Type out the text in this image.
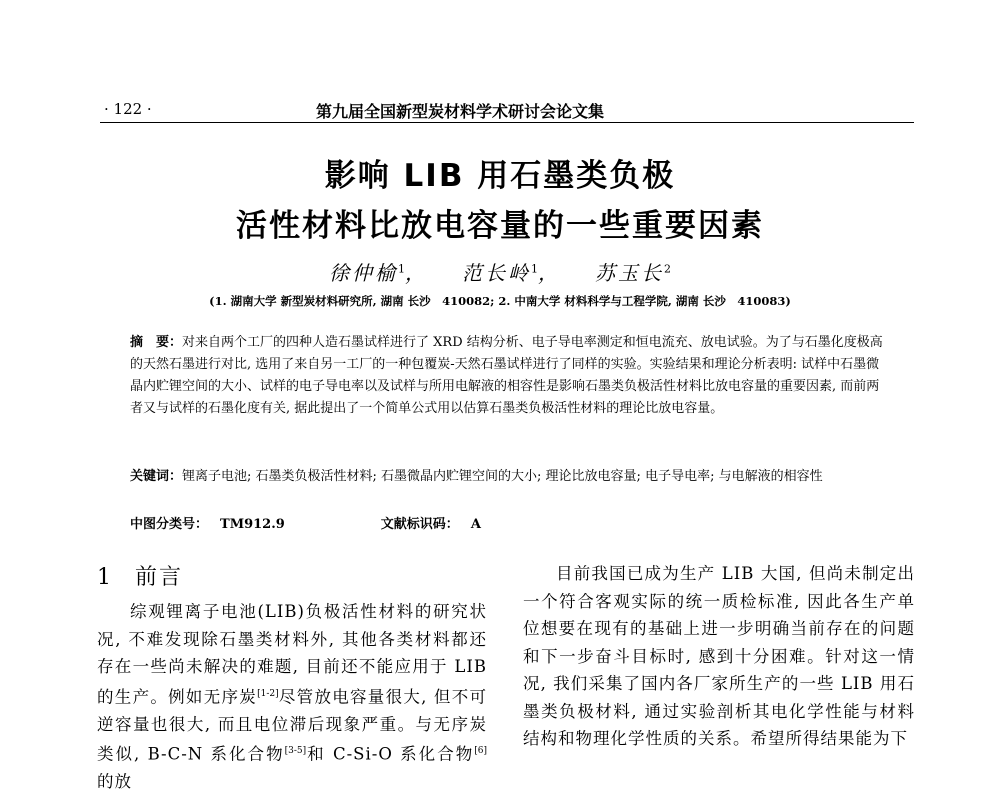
· 122 ·	第九届全国新型炭材料学术研讨会论文集
影响 LIB 用石墨类负极
活性材料比放电容量的一些重要因素
徐仲榆$^1$， 范长岭$^1$， 苏玉长$^2$
(1. 湖南大学 新型炭材料研究所, 湖南 长沙　410082; 2. 中南大学 材料科学与工程学院, 湖南 长沙　410083)
摘　要：对来自两个工厂的四种人造石墨试样进行了 XRD 结构分析、电子导电率测定和恒电流充、放电试验。为了与石墨化度极高的天然石墨进行对比, 选用了来自另一工厂的一种包覆炭-天然石墨试样进行了同样的实验。实验结果和理论分析表明: 试样中石墨微晶内贮锂空间的大小、试样的电子导电率以及试样与所用电解液的相容性是影响石墨类负极活性材料比放电容量的重要因素, 而前两者又与试样的石墨化度有关, 据此提出了一个简单公式用以估算石墨类负极活性材料的理论比放电容量。
关键词：锂离子电池; 石墨类负极活性材料; 石墨微晶内贮锂空间的大小; 理论比放电容量; 电子导电率; 与电解液的相容性
中图分类号： TM912.9	文献标识码： A
1 前言
综观锂离子电池(LIB)负极活性材料的研究状况, 不难发现除石墨类材料外, 其他各类材料都还存在一些尚未解决的难题, 目前还不能应用于 LIB 的生产。例如无序炭[1-2]尽管放电容量很大, 但不可逆容量也很大, 而且电位滞后现象严重。与无序炭类似, B-C-N 系化合物[3-5]和 C-Si-O 系化合物[6]的放
目前我国已成为生产 LIB 大国, 但尚未制定出一个符合客观实际的统一质检标准, 因此各生产单位想要在现有的基础上进一步明确当前存在的问题和下一步奋斗目标时, 感到十分困难。针对这一情况, 我们采集了国内各厂家所生产的一些 LIB 用石墨类负极材料, 通过实验剖析其电化学性能与材料结构和物理化学性质的关系。希望所得结果能为下
